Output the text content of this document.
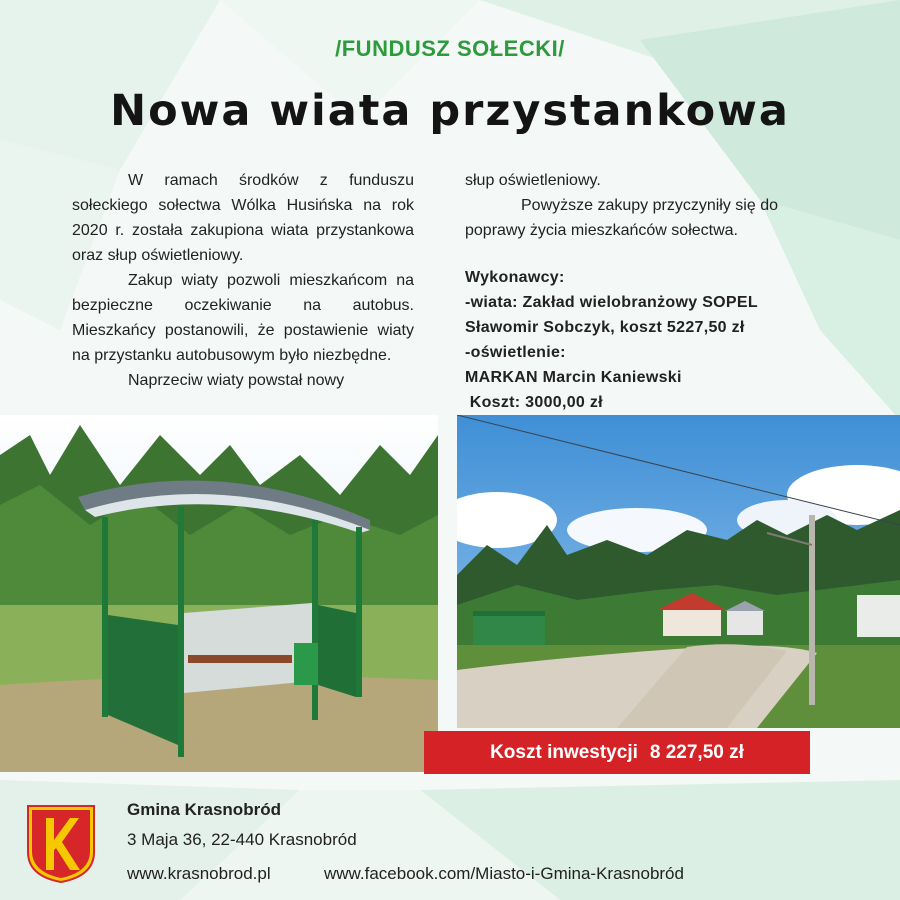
/FUNDUSZ SOŁECKI/
Nowa wiata przystankowa

W ramach środków z funduszu sołeckiego sołectwa Wólka Husińska na rok 2020 r. została zakupiona wiata przystankowa oraz słup oświetleniowy.

Zakup wiaty pozwoli mieszkańcom na bezpieczne oczekiwanie na autobus. Mieszkańcy postanowili, że postawienie wiaty na przystanku autobusowym było niezbędne.

Naprzeciw wiaty powstał nowy

słup oświetleniowy.

Powyższe zakupy przyczyniły się do poprawy życia mieszkańców sołectwa.

Wykonawcy:
-wiata: Zakład wielobranżowy SOPEL
Sławomir Sobczyk, koszt 5227,50 zł
-oświetlenie:
MARKAN Marcin Kaniewski
Koszt: 3000,00 zł
Koszt inwestycji 8 227,50 zł
Gmina Krasnobród
3 Maja 36, 22-440 Krasnobród
www.krasnobrod.pl	www.facebook.com/Miasto-i-Gmina-Krasnobród
